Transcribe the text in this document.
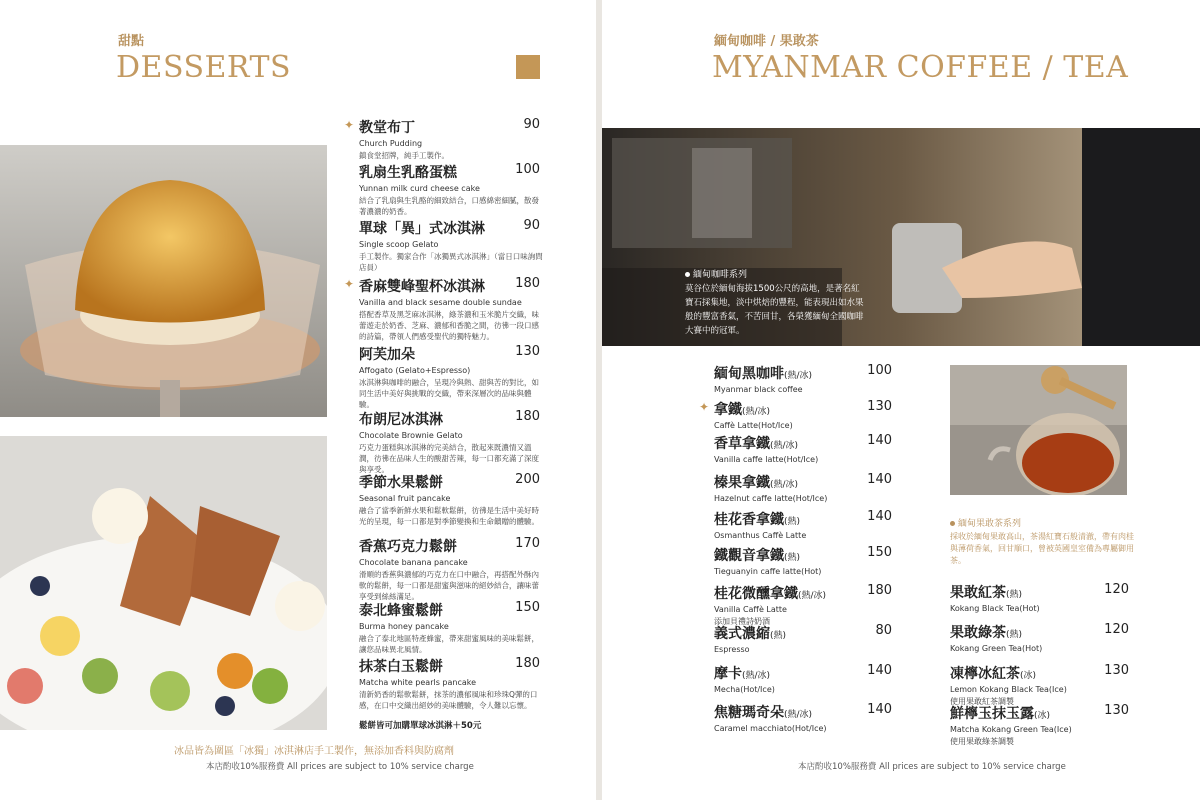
甜點
DESSERTS
✦ 教堂布丁
Church Pudding
鎮食堂招牌，純手工製作。
90
乳扇生乳酪蛋糕
Yunnan milk curd cheese cake
結合了乳扇與生乳酪的細致結合，口感綿密細膩，散發著濃濃的奶香。
100
單球「異」式冰淇淋
Single scoop Gelato
手工製作。獨家合作「冰獨異式冰淇淋」（當日口味詢問店員）
90
✦ 香麻雙峰聖杯冰淇淋
Vanilla and black sesame double sundae
搭配香草及黑芝麻冰淇淋，綠茶濃和玉米脆片交織，味蕾遊走於奶香、芝麻、濃郁和香脆之間，彷彿一段口感的詩篇，帶領人們感受聖代的獨特魅力。
180
阿芙加朵
Affogato (Gelato+Espresso)
冰淇淋與咖啡的融合，呈現冷與熱、甜與苦的對比，如同生活中美好與挑戰的交織，帶來深層次的品味與體驗。
130
布朗尼冰淇淋
Chocolate Brownie Gelato
巧克力蛋糕與冰淇淋的完美結合，散起來既濃情又溫潤，彷彿在品味人生的酸甜苦辣，每一口都充滿了深度與享受。
180
季節水果鬆餅
Seasonal fruit pancake
融合了當季新鮮水果和鬆軟鬆餅，彷彿是生活中美好時光的呈現，每一口都是對季節變換和生命饋贈的體驗。
200
香蕉巧克力鬆餅
Chocolate banana pancake
滑順的香蕉與濃郁的巧克力在口中融合，再搭配外酥內軟的鬆餅，每一口都是甜蜜與滋味的絕妙結合，讓味蕾享受到絲絲滿足。
170
泰北蜂蜜鬆餅
Burma honey pancake
融合了泰北地區特產蜂蜜，帶來甜蜜風味的美味鬆餅，讓您品味異北風情。
150
抹茶白玉鬆餅
Matcha white pearls pancake
清新奶香的鬆軟鬆餅，抹茶的濃郁風味和珍珠Q彈的口感，在口中交織出絕妙的美味體驗，令人難以忘懷。
180
鬆餅皆可加購單球冰淇淋＋50元
冰品皆為圍區「冰獨」冰淇淋店手工製作，無添加香料與防腐劑
本店酌收10%服務費 All prices are subject to 10% service charge
緬甸咖啡 / 果敢茶
MYANMAR COFFEE / TEA
緬甸咖啡系列
莫谷位於緬甸海拔1500公尺的高地，是著名紅寶石採集地，淡中烘焙的豐程，能表現出如水果般的豐富香氣，不苦回甘，各榮獲緬甸全國咖啡大賽中的冠軍。
緬甸黑咖啡(熱/冰)
Myanmar black coffee
100
✦ 拿鐵(熱/冰)
Caffè Latte(Hot/Ice)
130
香草拿鐵(熱/冰)
Vanilla caffe latte(Hot/Ice)
140
榛果拿鐵(熱/冰)
Hazelnut caffe latte(Hot/Ice)
140
桂花香拿鐵(熱)
Osmanthus Caffè Latte
140
鐵觀音拿鐵(熱)
Tieguanyin caffe latte(Hot)
150
桂花微醺拿鐵(熱/冰)
Vanilla Caffè Latte
添加貝禮詩奶酒
180
義式濃縮(熱)
Espresso
80
摩卡(熱/冰)
Mecha(Hot/Ice)
140
焦糖瑪奇朵(熱/冰)
Caramel macchiato(Hot/Ice)
140
緬甸果敢茶系列
採收於緬甸果敢高山，茶湯紅寶石般清澈，帶有肉桂與薄荷香氣，回甘順口，曾被英國皇室備為專屬御用茶。
果敢紅茶(熱)
Kokang Black Tea(Hot)
120
果敢綠茶(熱)
Kokang Green Tea(Hot)
120
凍檸冰紅茶(冰)
Lemon Kokang Black Tea(Ice)
使用果敢紅茶調製
130
鮮檸玉抹玉露(冰)
Matcha Kokang Green Tea(Ice)
使用果敢綠茶調製
130
本店酌收10%服務費 All prices are subject to 10% service charge
